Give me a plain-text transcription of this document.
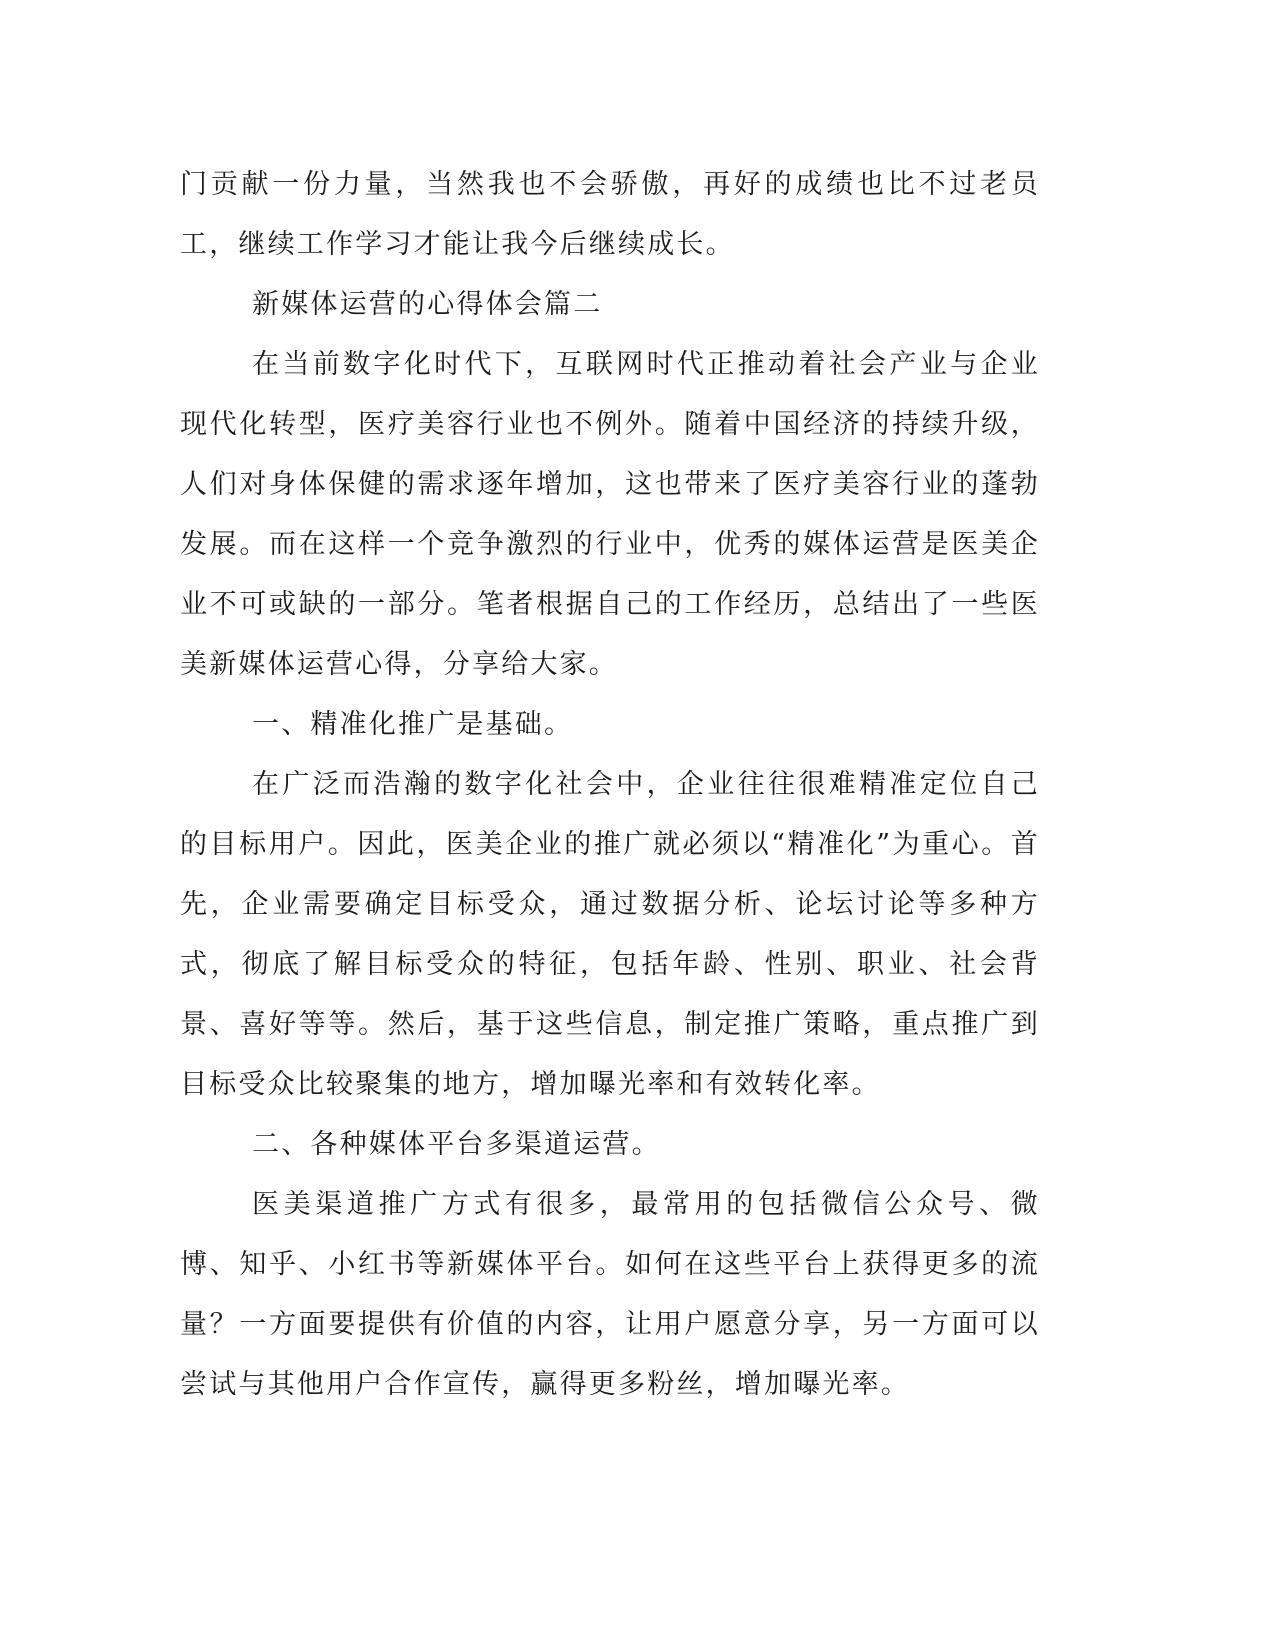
门贡献一份力量，当然我也不会骄傲，再好的成绩也比不过老员工，继续工作学习才能让我今后继续成长。

新媒体运营的心得体会篇二

在当前数字化时代下，互联网时代正推动着社会产业与企业现代化转型，医疗美容行业也不例外。随着中国经济的持续升级，人们对身体保健的需求逐年增加，这也带来了医疗美容行业的蓬勃发展。而在这样一个竞争激烈的行业中，优秀的媒体运营是医美企业不可或缺的一部分。笔者根据自己的工作经历，总结出了一些医美新媒体运营心得，分享给大家。

一、精准化推广是基础。

在广泛而浩瀚的数字化社会中，企业往往很难精准定位自己的目标用户。因此，医美企业的推广就必须以“精准化”为重心。首先，企业需要确定目标受众，通过数据分析、论坛讨论等多种方式，彻底了解目标受众的特征，包括年龄、性别、职业、社会背景、喜好等等。然后，基于这些信息，制定推广策略，重点推广到目标受众比较聚集的地方，增加曝光率和有效转化率。

二、各种媒体平台多渠道运营。

医美渠道推广方式有很多，最常用的包括微信公众号、微博、知乎、小红书等新媒体平台。如何在这些平台上获得更多的流量？一方面要提供有价值的内容，让用户愿意分享，另一方面可以尝试与其他用户合作宣传，赢得更多粉丝，增加曝光率。
